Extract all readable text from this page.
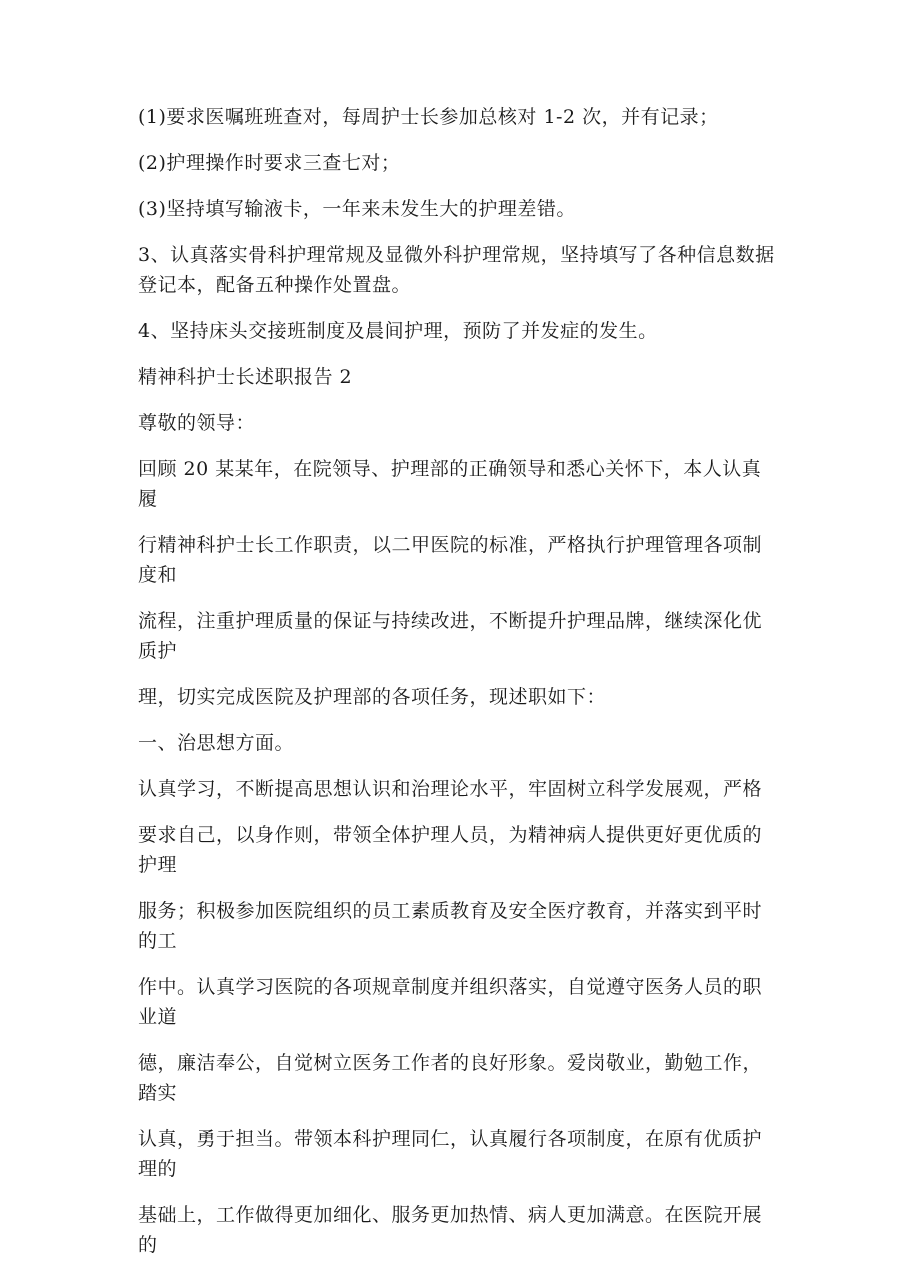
(1)要求医嘱班班查对，每周护士长参加总核对 1-2 次，并有记录；

(2)护理操作时要求三查七对；

(3)坚持填写输液卡，一年来未发生大的护理差错。

3、认真落实骨科护理常规及显微外科护理常规，坚持填写了各种信息数据登记本，配备五种操作处置盘。

4、坚持床头交接班制度及晨间护理，预防了并发症的发生。

精神科护士长述职报告 2

尊敬的领导：

回顾 20 某某年，在院领导、护理部的正确领导和悉心关怀下，本人认真履

行精神科护士长工作职责，以二甲医院的标准，严格执行护理管理各项制度和

流程，注重护理质量的保证与持续改进，不断提升护理品牌，继续深化优质护

理，切实完成医院及护理部的各项任务，现述职如下：

一、治思想方面。

认真学习，不断提高思想认识和治理论水平，牢固树立科学发展观，严格

要求自己，以身作则，带领全体护理人员，为精神病人提供更好更优质的护理

服务；积极参加医院组织的员工素质教育及安全医疗教育，并落实到平时的工

作中。认真学习医院的各项规章制度并组织落实，自觉遵守医务人员的职业道

德，廉洁奉公，自觉树立医务工作者的良好形象。爱岗敬业，勤勉工作，踏实

认真，勇于担当。带领本科护理同仁，认真履行各项制度，在原有优质护理的

基础上，工作做得更加细化、服务更加热情、病人更加满意。在医院开展的
